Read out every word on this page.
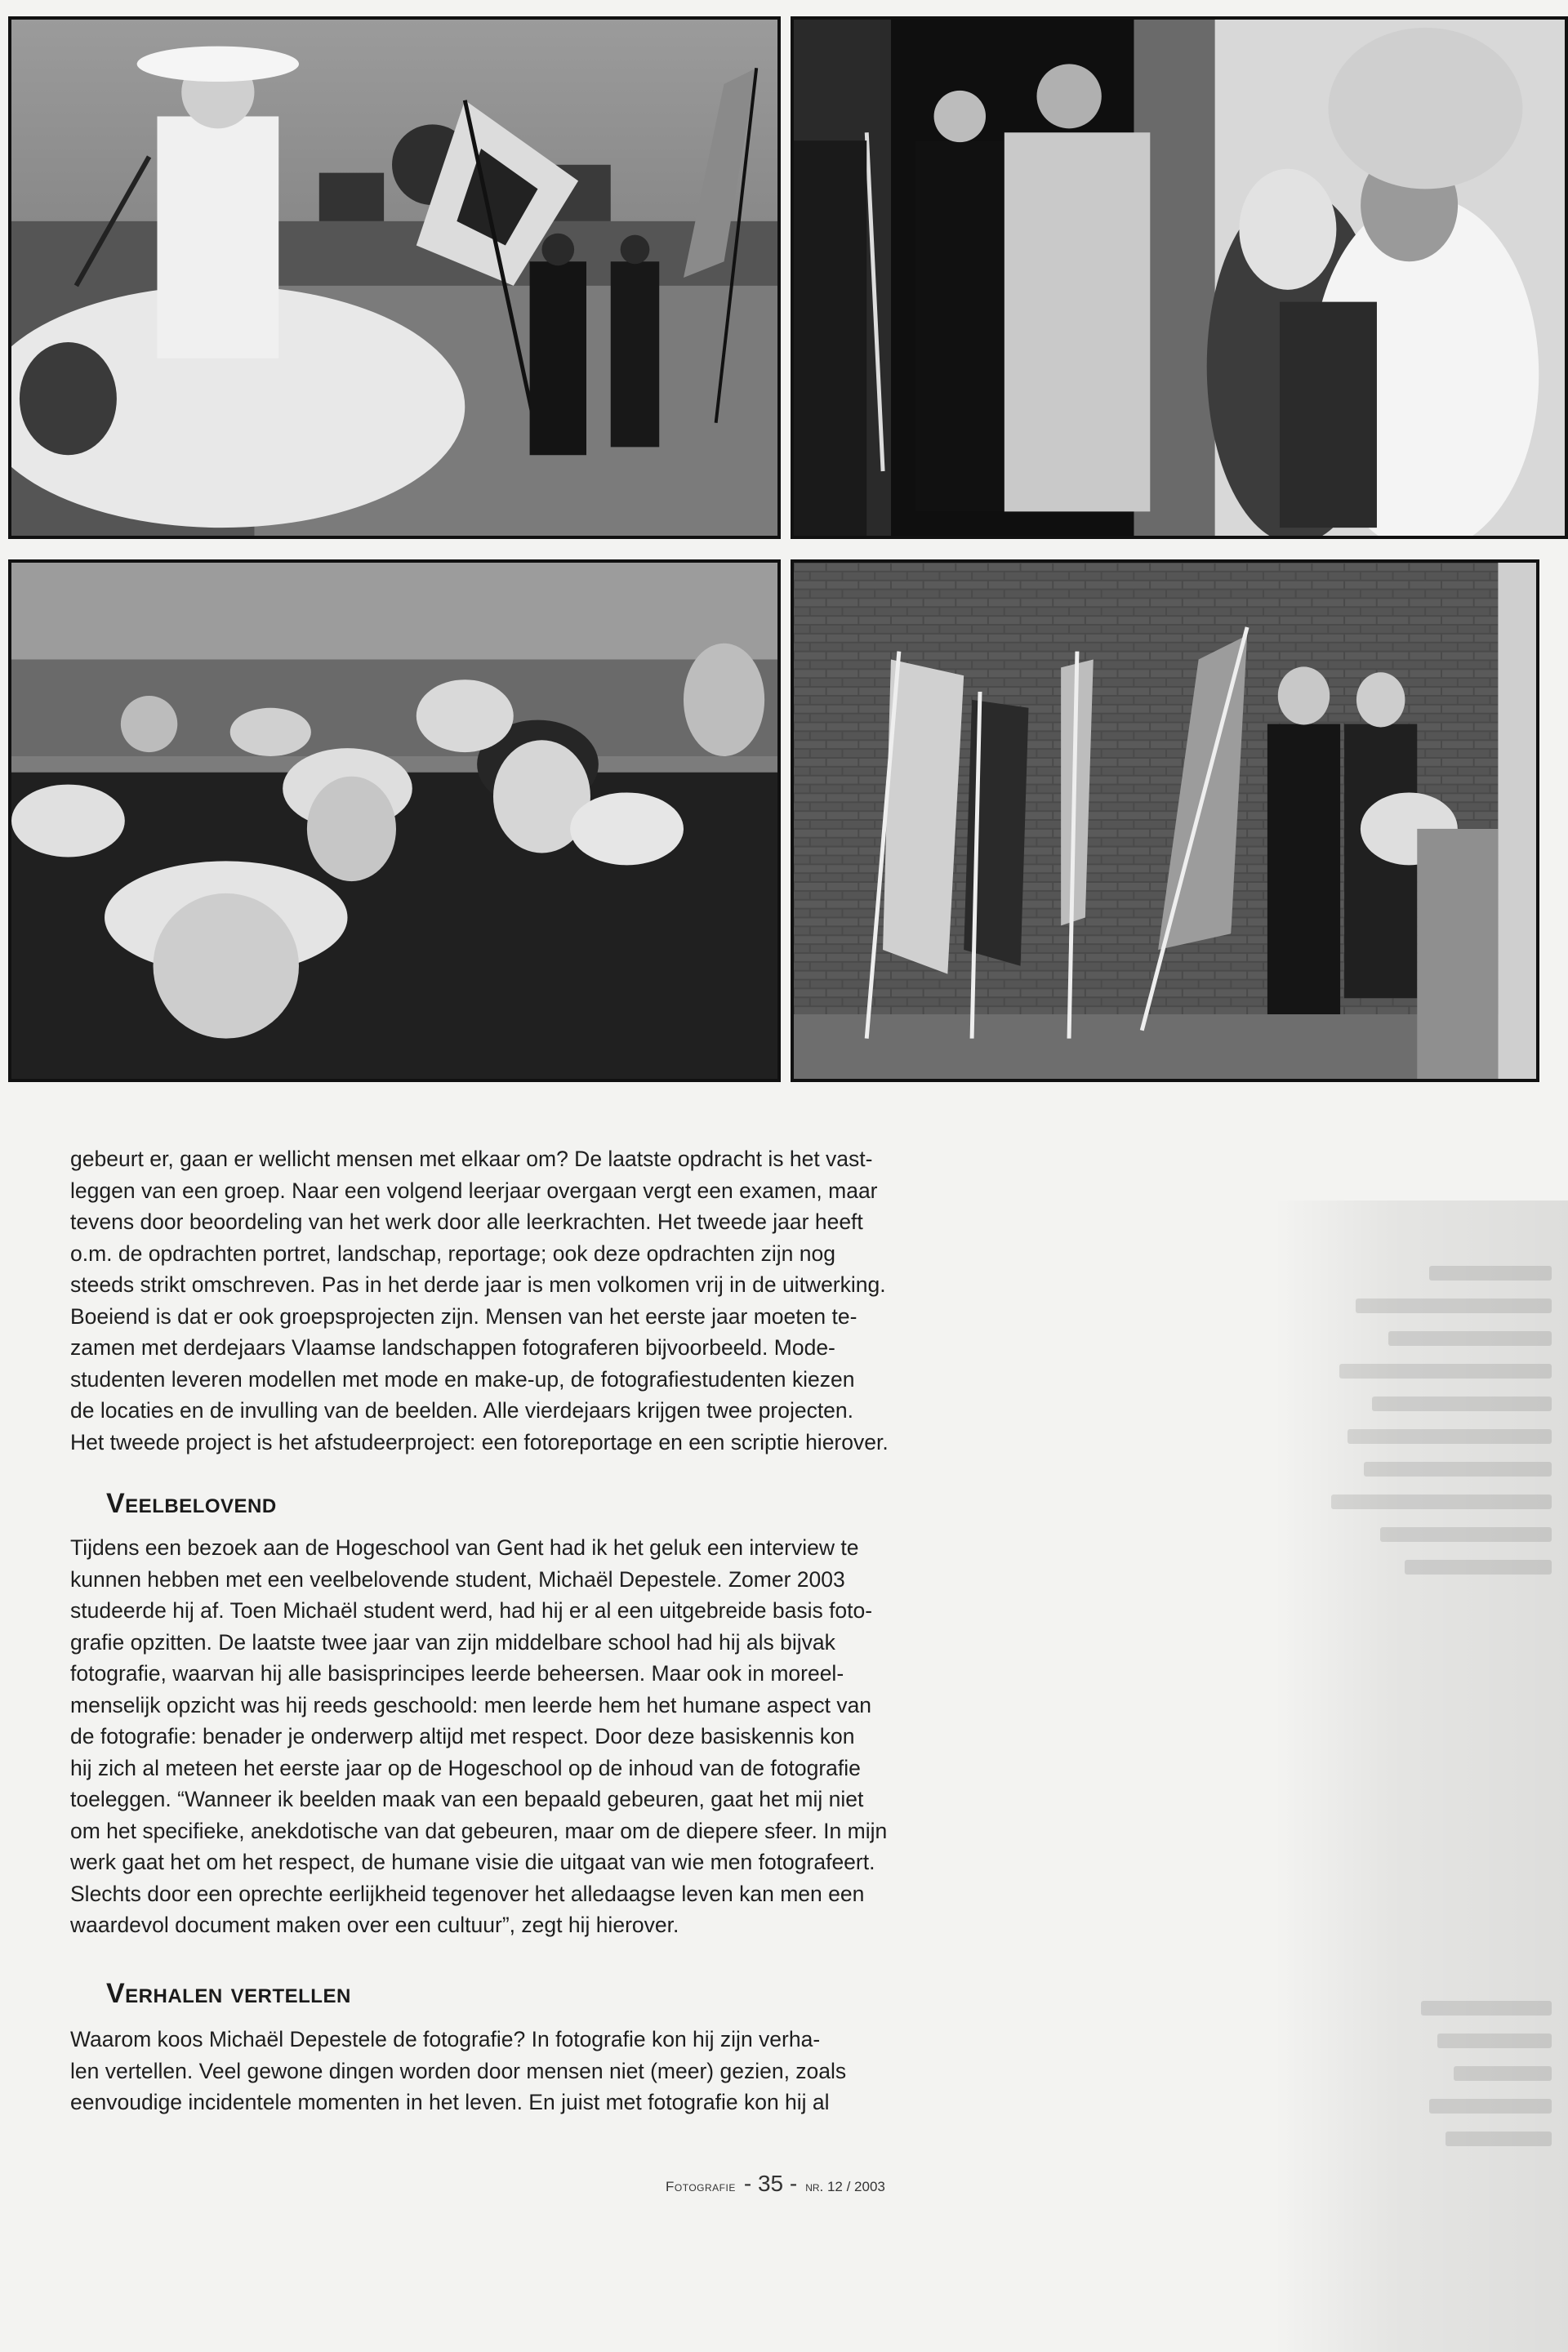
gebeurt er, gaan er wellicht mensen met elkaar om? De laatste opdracht is het vast-

leggen van een groep. Naar een volgend leerjaar overgaan vergt een examen, maar

tevens door beoordeling van het werk door alle leerkrachten. Het tweede jaar heeft

o.m. de opdrachten portret, landschap, reportage; ook deze opdrachten zijn nog

steeds strikt omschreven. Pas in het derde jaar is men volkomen vrij in de uitwerking.

Boeiend is dat er ook groepsprojecten zijn. Mensen van het eerste jaar moeten te-

zamen met derdejaars Vlaamse landschappen fotograferen bijvoorbeeld. Mode-

studenten leveren modellen met mode en make-up, de fotografiestudenten kiezen

de locaties en de invulling van de beelden. Alle vierdejaars krijgen twee projecten.

Het tweede project is het afstudeerproject: een fotoreportage en een scriptie hierover.

Veelbelovend

Tijdens een bezoek aan de Hogeschool van Gent had ik het geluk een interview te

kunnen hebben met een veelbelovende student, Michaël Depestele. Zomer 2003

studeerde hij af. Toen Michaël student werd, had hij er al een uitgebreide basis foto-

grafie opzitten. De laatste twee jaar van zijn middelbare school had hij als bijvak

fotografie, waarvan hij alle basisprincipes leerde beheersen. Maar ook in moreel-

menselijk opzicht was hij reeds geschoold: men leerde hem het humane aspect van

de fotografie: benader je onderwerp altijd met respect. Door deze basiskennis kon

hij zich al meteen het eerste jaar op de Hogeschool op de inhoud van de fotografie

toeleggen. “Wanneer ik beelden maak van een bepaald gebeuren, gaat het mij niet

om het specifieke, anekdotische van dat gebeuren, maar om de diepere sfeer. In mijn

werk gaat het om het respect, de humane visie die uitgaat van wie men fotografeert.

Slechts door een oprechte eerlijkheid tegenover het alledaagse leven kan men een

waardevol document maken over een cultuur”, zegt hij hierover.

Verhalen vertellen

Waarom koos Michaël Depestele de fotografie? In fotografie kon hij zijn verha-

len vertellen. Veel gewone dingen worden door mensen niet (meer) gezien, zoals

eenvoudige incidentele momenten in het leven. En juist met fotografie kon hij al

Fotografie - 35 - nr. 12 / 2003
